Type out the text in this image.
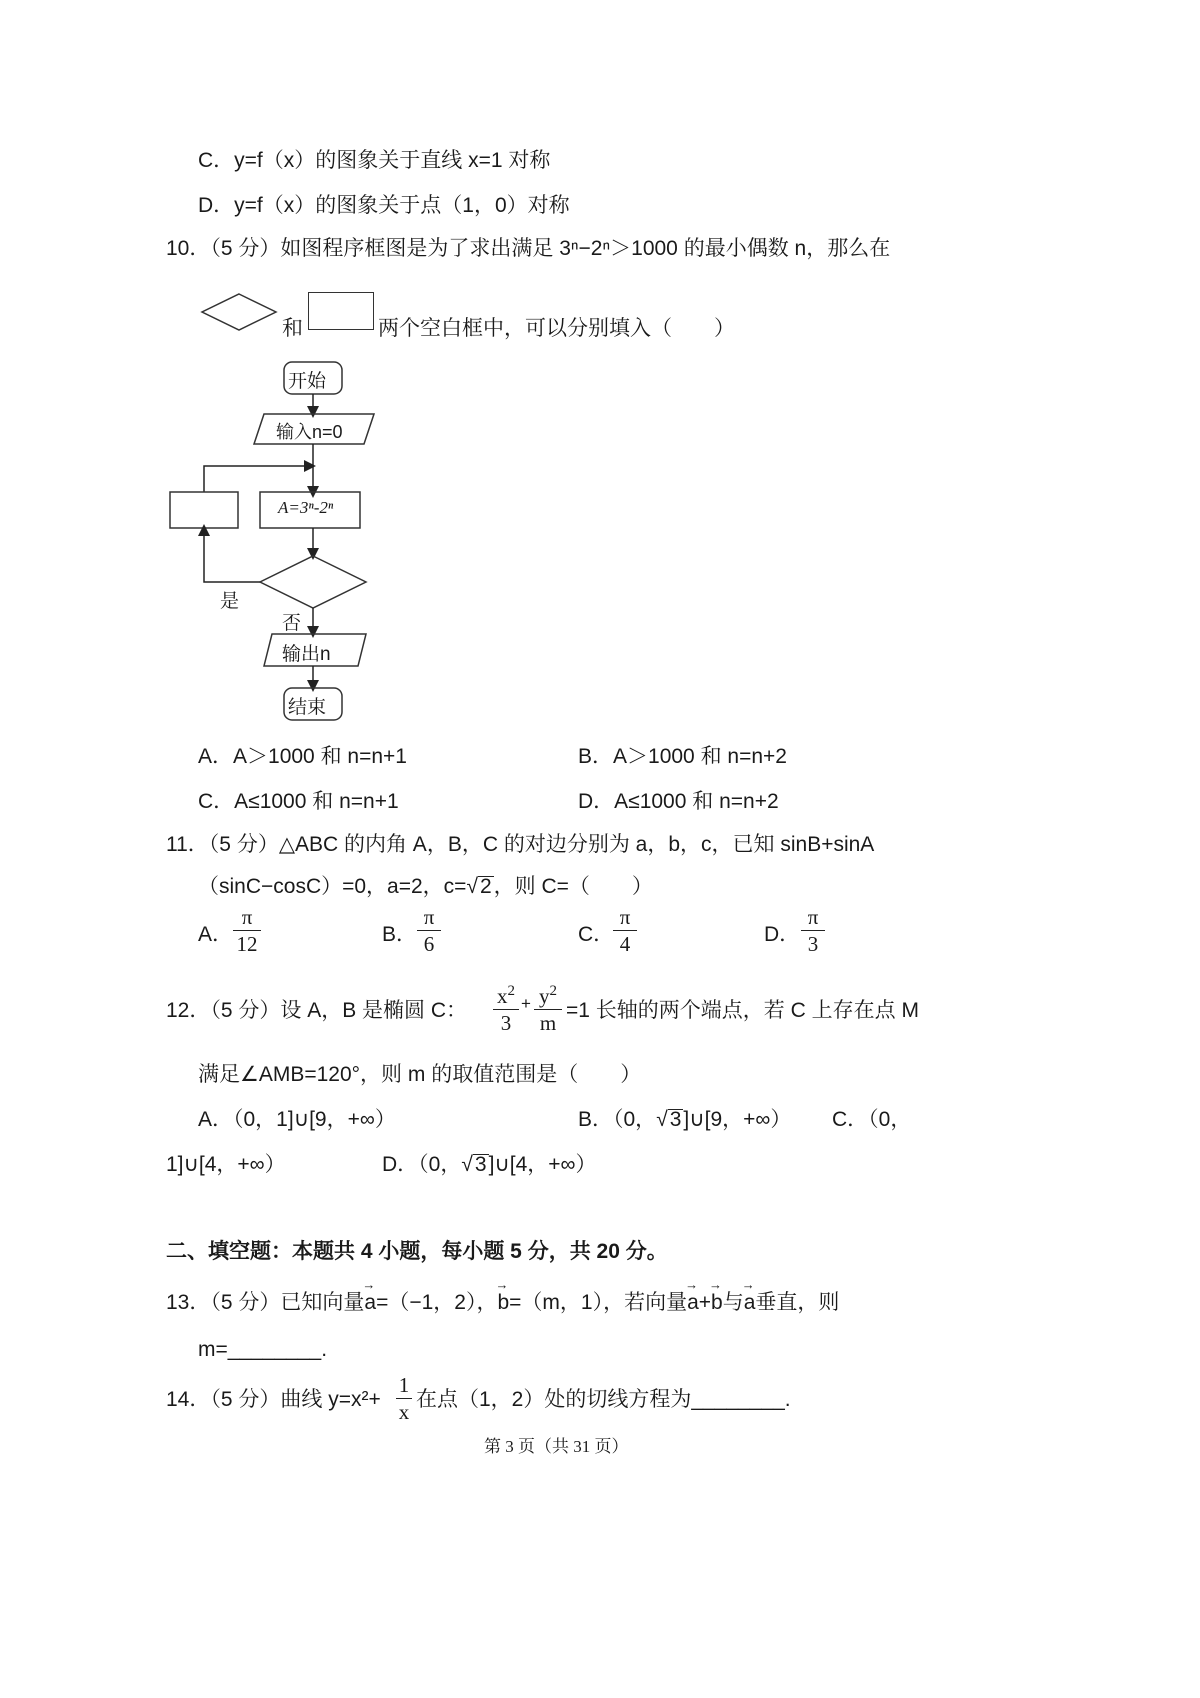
C．y=f（x）的图象关于直线 x=1 对称
D．y=f（x）的图象关于点（1，0）对称
10．（5 分）如图程序框图是为了求出满足 3ⁿ−2ⁿ＞1000 的最小偶数 n，那么在
和	两个空白框中，可以分别填入（　　）
开始
输入n=0
A=3ⁿ-2ⁿ
是
否
输出n
结束
A．A＞1000 和 n=n+1	B．A＞1000 和 n=n+2
C．A≤1000 和 n=n+1	D．A≤1000 和 n=n+2
11．（5 分）△ABC 的内角 A，B，C 的对边分别为 a，b，c，已知 sinB+sinA
（sinC−cosC）=0，a=2，c=√2，则 C=（　　）
A．
π
12	B．
π
6	C．
π
4	D．
π
3
12．（5 分）设 A，B 是椭圆 C：
$x^2$
3
+ $y^2$
m
=1 长轴的两个端点，若 C 上存在点 M
满足∠AMB=120°，则 m 的取值范围是（　　）
A．（0，1]∪[9，+∞）	B．（0，√3]∪[9，+∞） C．（0，
1]∪[4，+∞）	D．（0，√3]∪[4，+∞）
二、填空题：本题共 4 小题，每小题 5 分，共 20 分。
13．（5 分）已知向量→ a=（−1，2），→ b=（m，1），若向量→ a+→ b与→ a垂直，则
m=________.
14．（5 分）曲线 y=x²+
1
x
在点（1，2）处的切线方程为________.
第 3 页（共 31 页）
